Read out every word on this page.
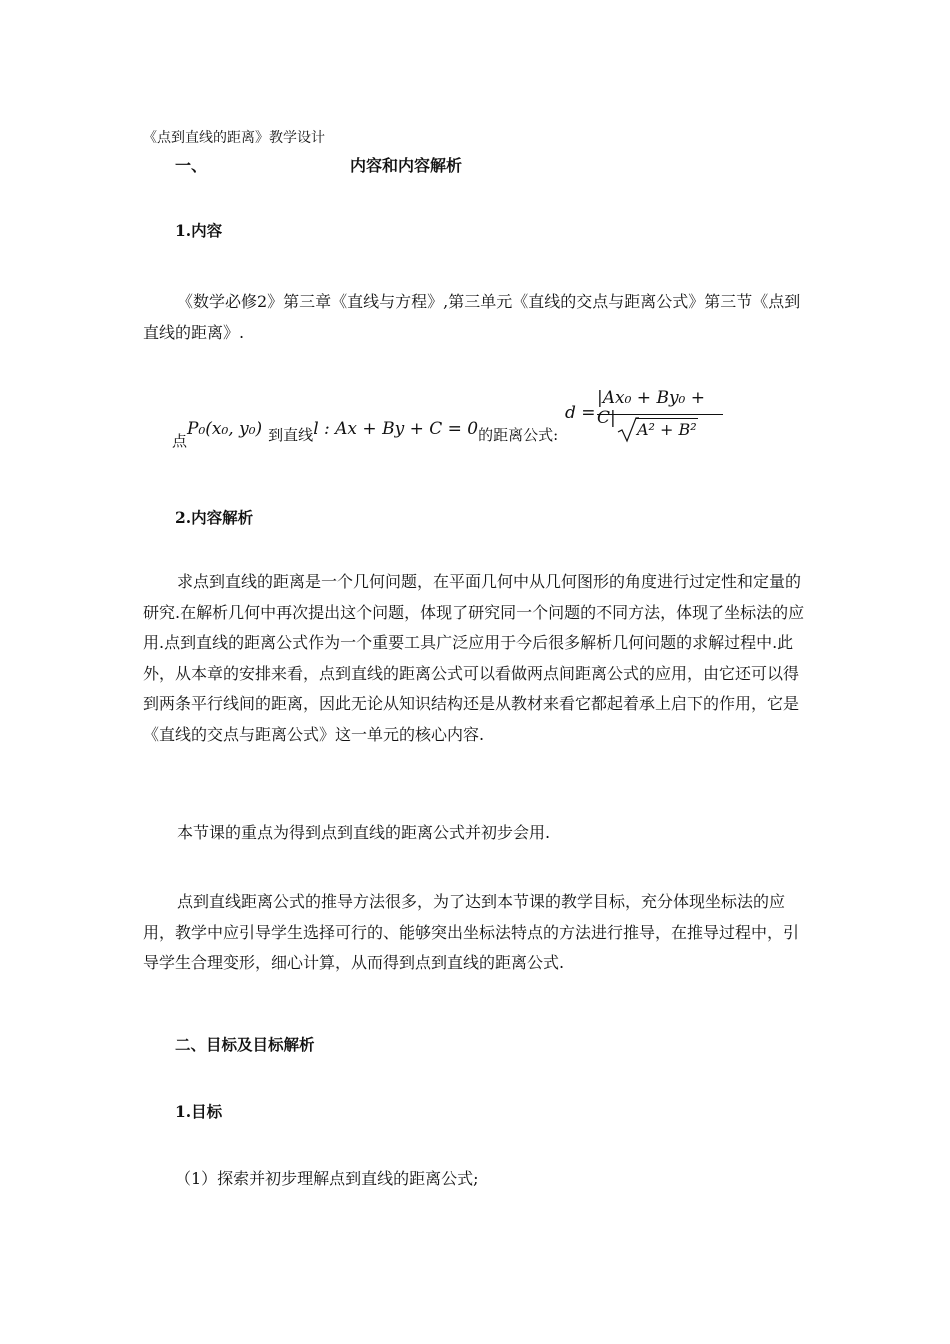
《点到直线的距离》教学设计
一、	内容和内容解析
1.内容
《数学必修2》第三章《直线与方程》,第三单元《直线的交点与距离公式》第三节《点到直线的距离》.
点P₀(x₀, y₀) 到直线l : Ax + By + C = 0的距离公式:
d =
|Ax₀ + By₀ + C|
A² + B²
2.内容解析
求点到直线的距离是一个几何问题，在平面几何中从几何图形的角度进行过定性和定量的研究.在解析几何中再次提出这个问题，体现了研究同一个问题的不同方法，体现了坐标法的应用.点到直线的距离公式作为一个重要工具广泛应用于今后很多解析几何问题的求解过程中.此外，从本章的安排来看，点到直线的距离公式可以看做两点间距离公式的应用，由它还可以得到两条平行线间的距离，因此无论从知识结构还是从教材来看它都起着承上启下的作用，它是《直线的交点与距离公式》这一单元的核心内容.
本节课的重点为得到点到直线的距离公式并初步会用.
点到直线距离公式的推导方法很多，为了达到本节课的教学目标，充分体现坐标法的应用，教学中应引导学生选择可行的、能够突出坐标法特点的方法进行推导，在推导过程中，引导学生合理变形，细心计算，从而得到点到直线的距离公式.
二、目标及目标解析
1.目标
（1）探索并初步理解点到直线的距离公式;
